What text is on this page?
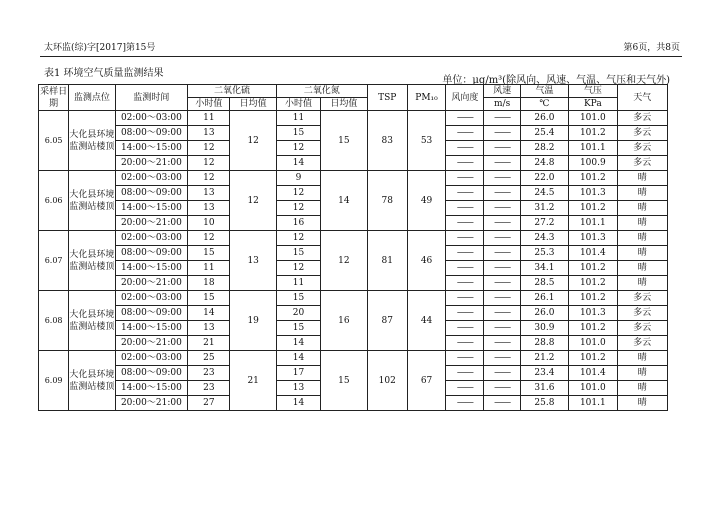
太环监(综)字[2017]第15号	第6页，共8页
表1 环境空气质量监测结果
单位：μg/m³(除风向、风速、气温、气压和天气外)
采样日期	监测点位	监测时间	二氧化硫		二氧化氮		TSP	PM₁₀	风向度	风速	气温	气压	天气
			小时值	日均值	小时值	日均值				m/s	℃	KPa	
6.05	大化县环境监测站楼顶	02:00～03:00	11	12	11	15	83	53	——	——	26.0	101.0	多云
		08:00～09:00	13		15				——	——	25.4	101.2	多云
		14:00～15:00	12		12				——	——	28.2	101.1	多云
		20:00～21:00	12		14				——	——	24.8	100.9	多云
6.06	大化县环境监测站楼顶	02:00～03:00	12	12	9	14	78	49	——	——	22.0	101.2	晴
		08:00～09:00	13		12				——	——	24.5	101.3	晴
		14:00～15:00	13		12				——	——	31.2	101.2	晴
		20:00～21:00	10		16				——	——	27.2	101.1	晴
6.07	大化县环境监测站楼顶	02:00～03:00	12	13	12	12	81	46	——	——	24.3	101.3	晴
		08:00～09:00	15		15				——	——	25.3	101.4	晴
		14:00～15:00	11		12				——	——	34.1	101.2	晴
		20:00～21:00	18		11				——	——	28.5	101.2	晴
6.08	大化县环境监测站楼顶	02:00～03:00	15	19	15	16	87	44	——	——	26.1	101.2	多云
		08:00～09:00	14		20				——	——	26.0	101.3	多云
		14:00～15:00	13		15				——	——	30.9	101.2	多云
		20:00～21:00	21		14				——	——	28.8	101.0	多云
6.09	大化县环境监测站楼顶	02:00～03:00	25	21	14	15	102	67	——	——	21.2	101.2	晴
		08:00～09:00	23		17				——	——	23.4	101.4	晴
		14:00～15:00	23		13				——	——	31.6	101.0	晴
		20:00～21:00	27		14				——	——	25.8	101.1	晴
